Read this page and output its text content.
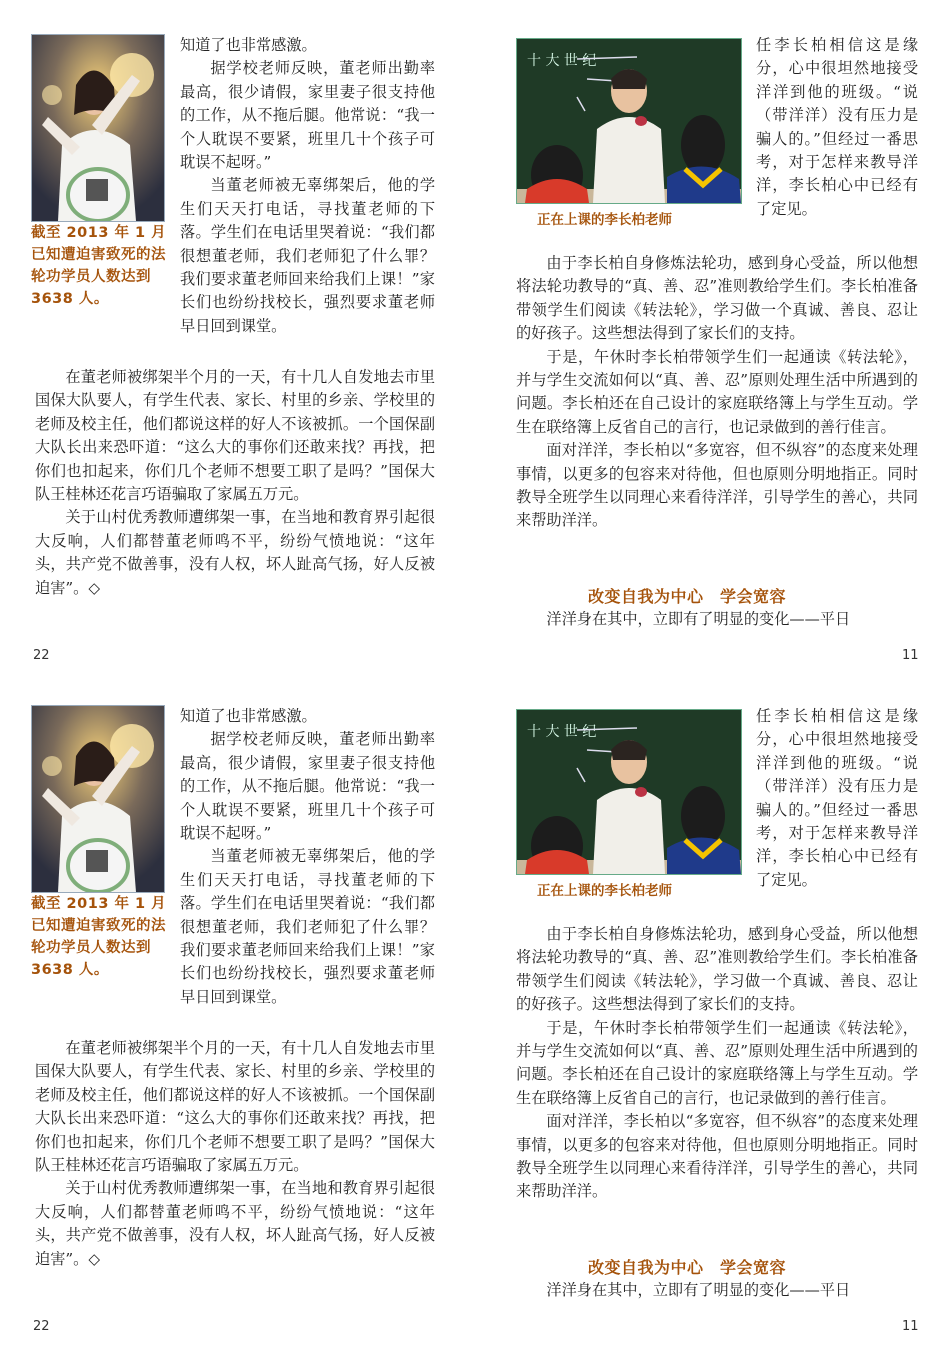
截至 2013 年 1 月已知遭迫害致死的法轮功学员人数达到 3638 人。

知道了也非常感激。

据学校老师反映，董老师出勤率最高，很少请假，家里妻子很支持他的工作，从不拖后腿。他常说：“我一个人耽误不要紧，班里几十个孩子可耽误不起呀。”

当董老师被无辜绑架后，他的学生们天天打电话，寻找董老师的下落。学生们在电话里哭着说：“我们都很想董老师，我们老师犯了什么罪？我们要求董老师回来给我们上课！”家长们也纷纷找校长，强烈要求董老师早日回到课堂。

在董老师被绑架半个月的一天，有十几人自发地去市里国保大队要人，有学生代表、家长、村里的乡亲、学校里的老师及校主任，他们都说这样的好人不该被抓。一个国保副大队长出来恐吓道：“这么大的事你们还敢来找？再找，把你们也扣起来，你们几个老师不想要工职了是吗？”国保大队王桂林还花言巧语骗取了家属五万元。

关于山村优秀教师遭绑架一事，在当地和教育界引起很大反响，人们都替董老师鸣不平，纷纷气愤地说：“这年头，共产党不做善事，没有人权，坏人趾高气扬，好人反被迫害”。◇

22
十 大 世 纪
正在上课的李长柏老师

任李长柏相信这是缘分，心中很坦然地接受洋洋到他的班级。“说（带洋洋）没有压力是骗人的。”但经过一番思考，对于怎样来教导洋洋，李长柏心中已经有了定见。

由于李长柏自身修炼法轮功，感到身心受益，所以他想将法轮功教导的“真、善、忍”准则教给学生们。李长柏准备带领学生们阅读《转法轮》，学习做一个真诚、善良、忍让的好孩子。这些想法得到了家长们的支持。

于是，午休时李长柏带领学生们一起通读《转法轮》，并与学生交流如何以“真、善、忍”原则处理生活中所遇到的问题。李长柏还在自己设计的家庭联络簿上与学生互动。学生在联络簿上反省自己的言行，也记录做到的善行佳言。

面对洋洋，李长柏以“多宽容，但不纵容”的态度来处理事情，以更多的包容来对待他，但也原则分明地指正。同时教导全班学生以同理心来看待洋洋，引导学生的善心，共同来帮助洋洋。

改变自我为中心　学会宽容

洋洋身在其中，立即有了明显的变化——平日

11
截至 2013 年 1 月已知遭迫害致死的法轮功学员人数达到 3638 人。

知道了也非常感激。

据学校老师反映，董老师出勤率最高，很少请假，家里妻子很支持他的工作，从不拖后腿。他常说：“我一个人耽误不要紧，班里几十个孩子可耽误不起呀。”

当董老师被无辜绑架后，他的学生们天天打电话，寻找董老师的下落。学生们在电话里哭着说：“我们都很想董老师，我们老师犯了什么罪？我们要求董老师回来给我们上课！”家长们也纷纷找校长，强烈要求董老师早日回到课堂。

在董老师被绑架半个月的一天，有十几人自发地去市里国保大队要人，有学生代表、家长、村里的乡亲、学校里的老师及校主任，他们都说这样的好人不该被抓。一个国保副大队长出来恐吓道：“这么大的事你们还敢来找？再找，把你们也扣起来，你们几个老师不想要工职了是吗？”国保大队王桂林还花言巧语骗取了家属五万元。

关于山村优秀教师遭绑架一事，在当地和教育界引起很大反响，人们都替董老师鸣不平，纷纷气愤地说：“这年头，共产党不做善事，没有人权，坏人趾高气扬，好人反被迫害”。◇

22
十 大 世 纪
正在上课的李长柏老师

任李长柏相信这是缘分，心中很坦然地接受洋洋到他的班级。“说（带洋洋）没有压力是骗人的。”但经过一番思考，对于怎样来教导洋洋，李长柏心中已经有了定见。

由于李长柏自身修炼法轮功，感到身心受益，所以他想将法轮功教导的“真、善、忍”准则教给学生们。李长柏准备带领学生们阅读《转法轮》，学习做一个真诚、善良、忍让的好孩子。这些想法得到了家长们的支持。

于是，午休时李长柏带领学生们一起通读《转法轮》，并与学生交流如何以“真、善、忍”原则处理生活中所遇到的问题。李长柏还在自己设计的家庭联络簿上与学生互动。学生在联络簿上反省自己的言行，也记录做到的善行佳言。

面对洋洋，李长柏以“多宽容，但不纵容”的态度来处理事情，以更多的包容来对待他，但也原则分明地指正。同时教导全班学生以同理心来看待洋洋，引导学生的善心，共同来帮助洋洋。

改变自我为中心　学会宽容

洋洋身在其中，立即有了明显的变化——平日

11
